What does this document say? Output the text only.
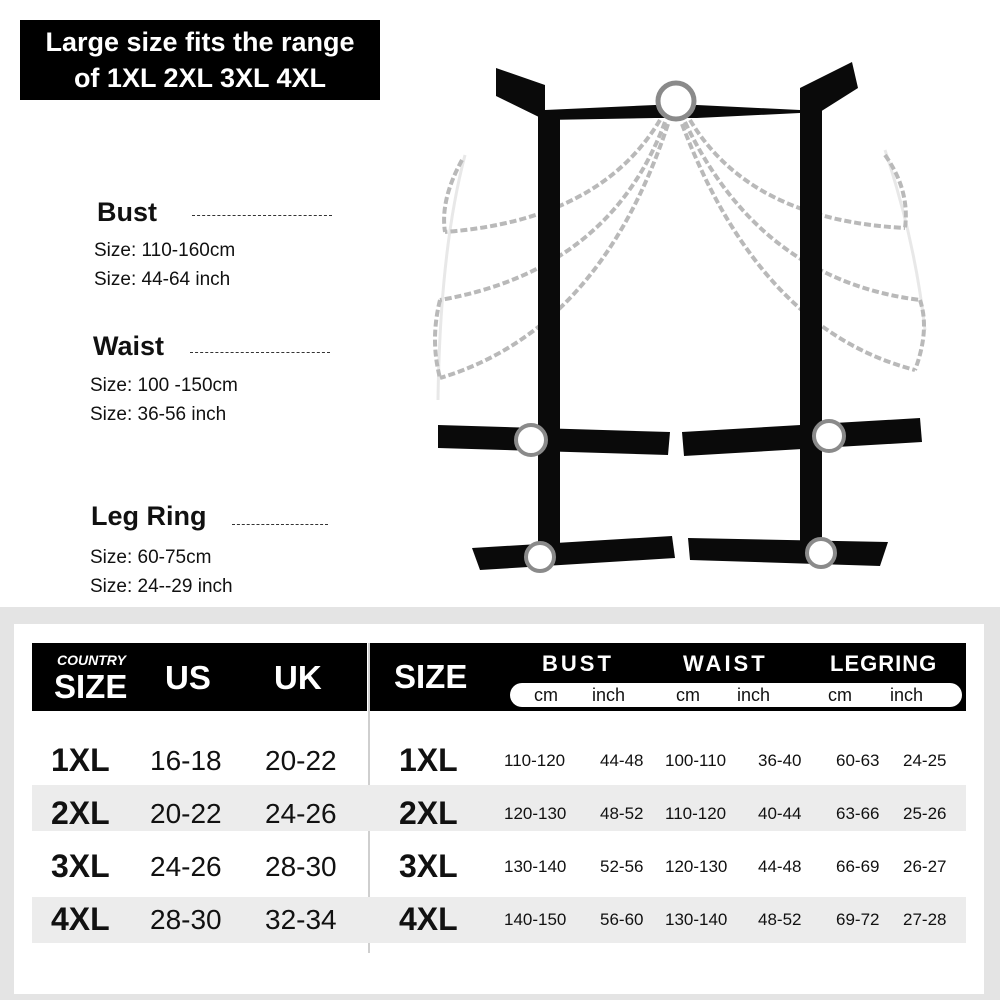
Large size fits the range
of 1XL 2XL 3XL 4XL
Bust
Size: 110-160cm
Size: 44-64 inch
Waist
Size: 100 -150cm
Size: 36-56 inch
Leg Ring
Size: 60-75cm
Size: 24--29 inch
COUNTRY
SIZE US UK SIZE	BUST	WAIST	LEGRING
cm inch	cm inch	cm inch
1XL 16-18 20-22 1XL	110-120 44-48 100-110 36-40 60-63 24-25
2XL 20-22 24-26 2XL	120-130 48-52 110-120 40-44 63-66 25-26
3XL 24-26 28-30 3XL	130-140 52-56 120-130 44-48 66-69 26-27
4XL 28-30 32-34 4XL	140-150 56-60 130-140 48-52 69-72 27-28
